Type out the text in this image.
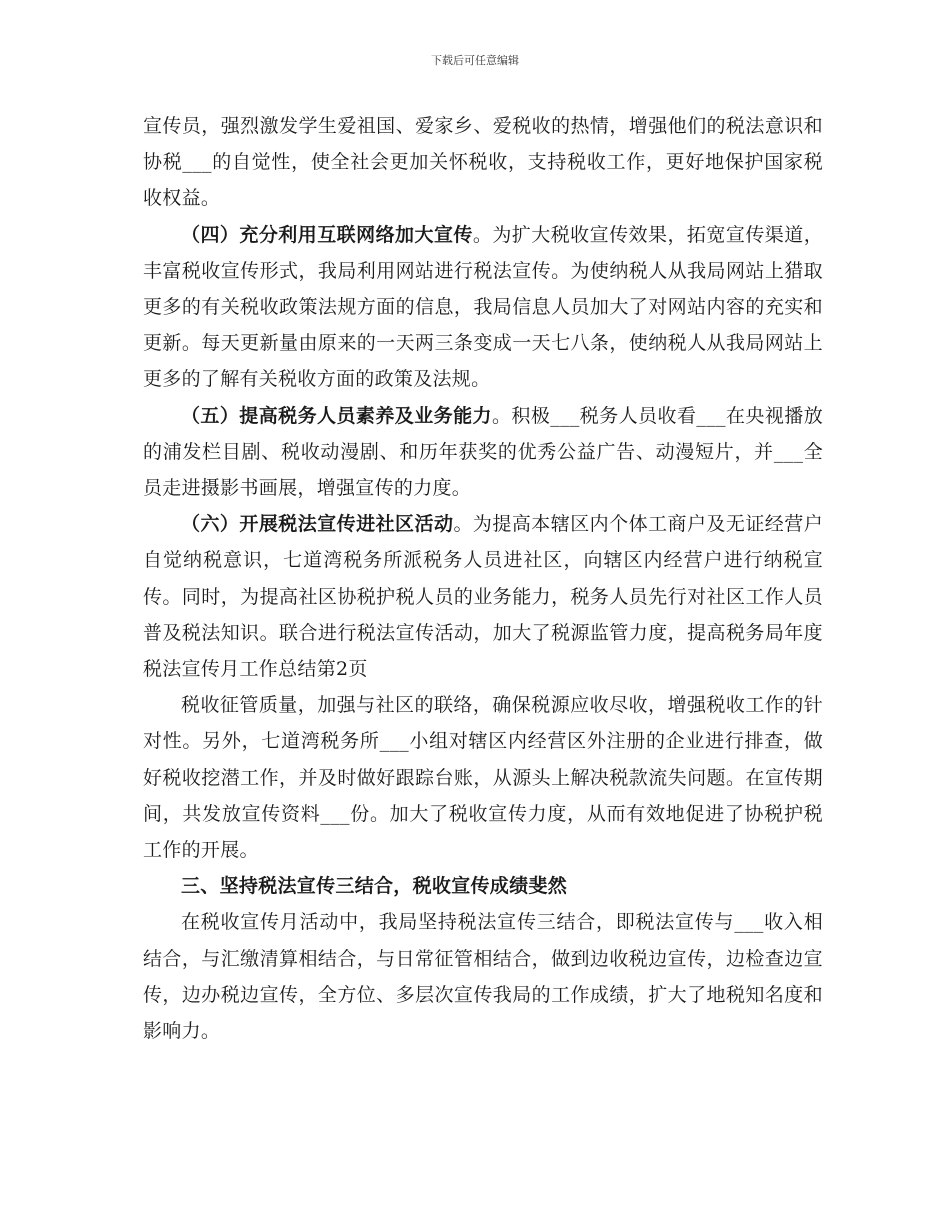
下载后可任意编辑

宣传员，强烈激发学生爱祖国、爱家乡、爱税收的热情，增强他们的税法意识和协税___的自觉性，使全社会更加关怀税收，支持税收工作，更好地保护国家税收权益。

（四）充分利用互联网络加大宣传。为扩大税收宣传效果，拓宽宣传渠道，丰富税收宣传形式，我局利用网站进行税法宣传。为使纳税人从我局网站上猎取更多的有关税收政策法规方面的信息，我局信息人员加大了对网站内容的充实和更新。每天更新量由原来的一天两三条变成一天七八条，使纳税人从我局网站上更多的了解有关税收方面的政策及法规。

（五）提高税务人员素养及业务能力。积极___税务人员收看___在央视播放的浦发栏目剧、税收动漫剧、和历年获奖的优秀公益广告、动漫短片，并___全员走进摄影书画展，增强宣传的力度。

（六）开展税法宣传进社区活动。为提高本辖区内个体工商户及无证经营户自觉纳税意识，七道湾税务所派税务人员进社区，向辖区内经营户进行纳税宣传。同时，为提高社区协税护税人员的业务能力，税务人员先行对社区工作人员普及税法知识。联合进行税法宣传活动，加大了税源监管力度，提高税务局年度税法宣传月工作总结第2页

税收征管质量，加强与社区的联络，确保税源应收尽收，增强税收工作的针对性。另外，七道湾税务所___小组对辖区内经营区外注册的企业进行排查，做好税收挖潜工作，并及时做好跟踪台账，从源头上解决税款流失问题。在宣传期间，共发放宣传资料___份。加大了税收宣传力度，从而有效地促进了协税护税工作的开展。

三、坚持税法宣传三结合，税收宣传成绩斐然

在税收宣传月活动中，我局坚持税法宣传三结合，即税法宣传与___收入相结合，与汇缴清算相结合，与日常征管相结合，做到边收税边宣传，边检查边宣传，边办税边宣传，全方位、多层次宣传我局的工作成绩，扩大了地税知名度和影响力。
